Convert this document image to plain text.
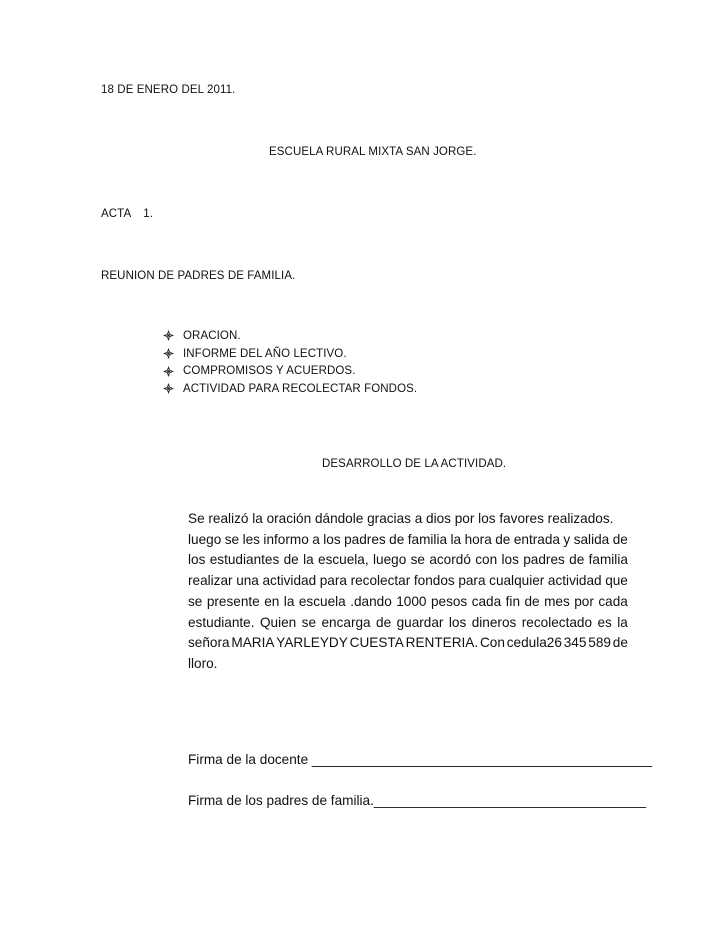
18 DE ENERO DEL 2011.
ESCUELA RURAL MIXTA SAN JORGE.
ACTA 1.
REUNION DE PADRES DE FAMILIA.
ORACION.
INFORME DEL AÑO LECTIVO.
COMPROMISOS Y ACUERDOS.
ACTIVIDAD PARA RECOLECTAR FONDOS.
DESARROLLO DE LA ACTIVIDAD.

Se realizó la oración dándole gracias a dios por los favores realizados.
luego se les informo a los padres de familia la hora de entrada y salida de
los estudiantes de la escuela, luego se acordó con los padres de familia
realizar una actividad para recolectar fondos para cualquier actividad que
se presente en la escuela .dando 1000 pesos cada fin de mes por cada
estudiante. Quien se encarga de guardar los dineros recolectado es la
señora MARIA YARLEYDY CUESTA RENTERIA. Con cedula26 345 589 de
lloro.

Firma de la docente _____________________________________________
Firma de los padres de familia.____________________________________
